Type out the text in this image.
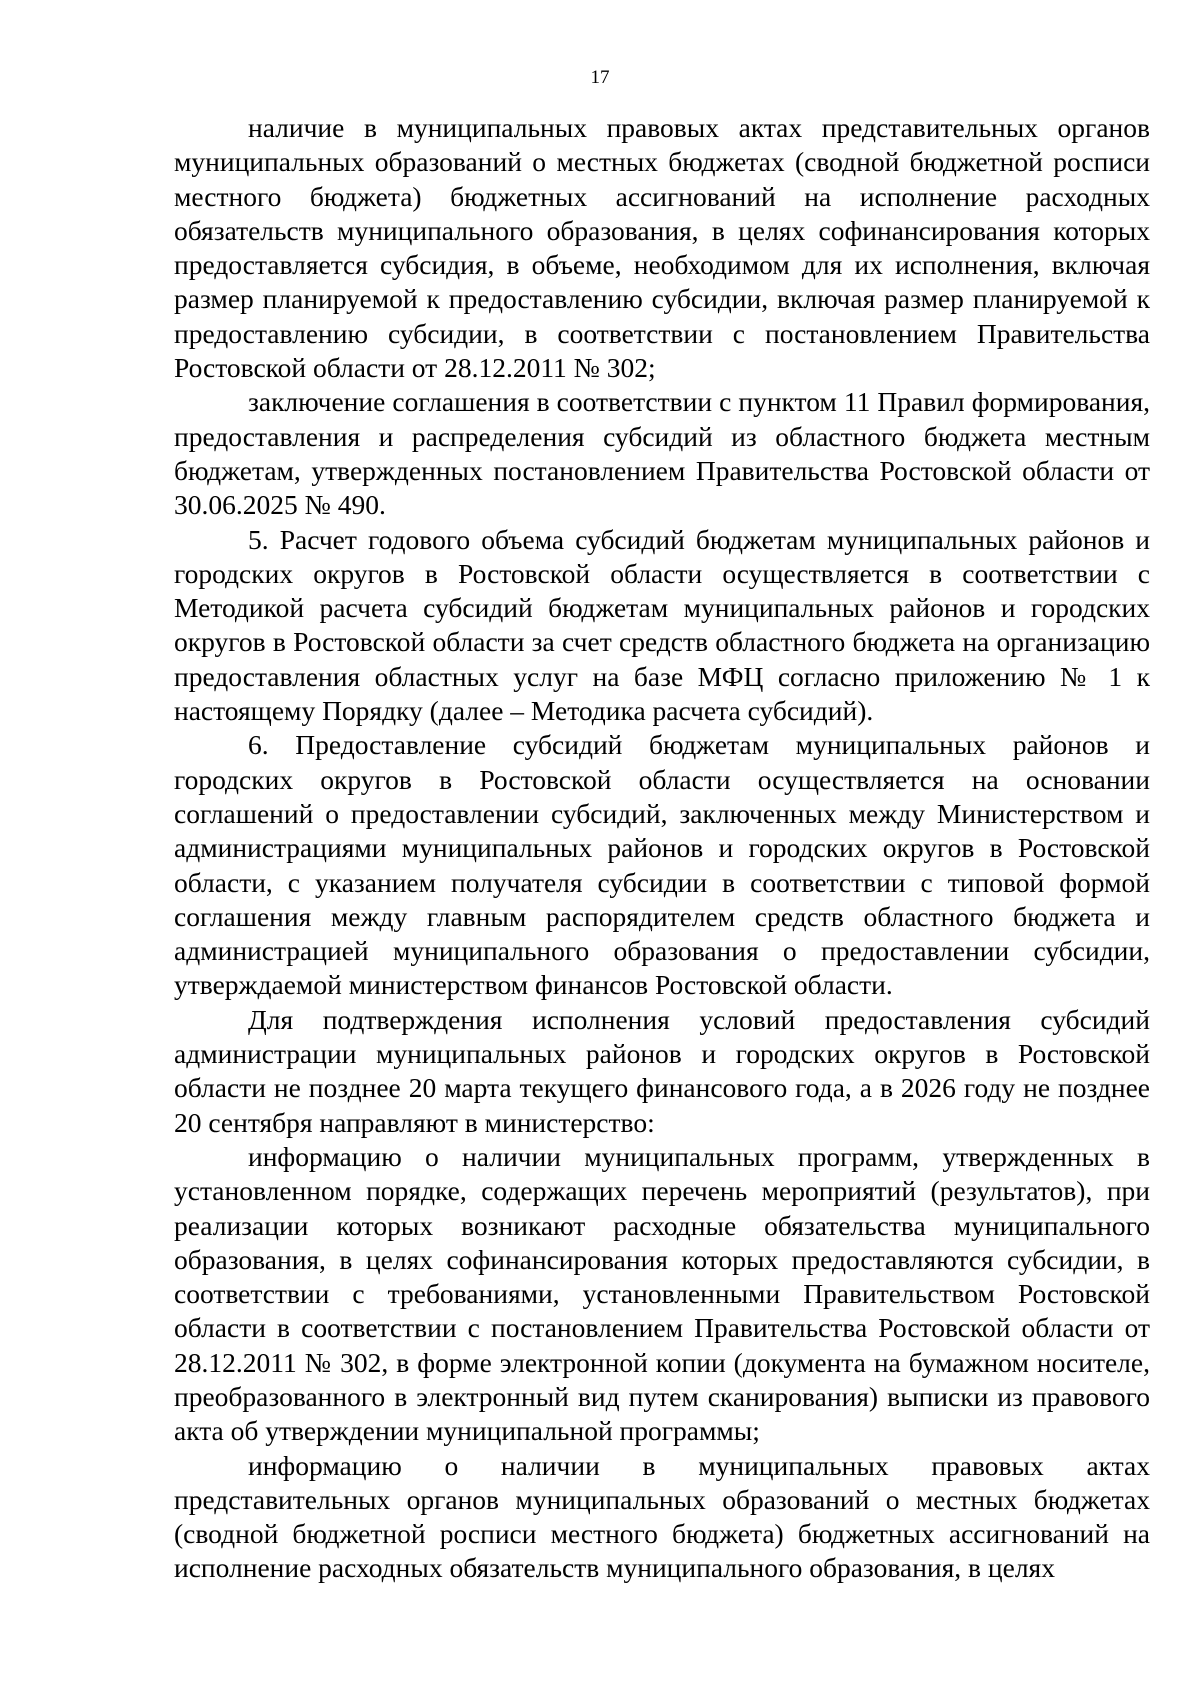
17

наличие в муниципальных правовых актах представительных органов муниципальных образований о местных бюджетах (сводной бюджетной росписи местного бюджета) бюджетных ассигнований на исполнение расходных обязательств муниципального образования, в целях софинансирования которых предоставляется субсидия, в объеме, необходимом для их исполнения, включая размер планируемой к предоставлению субсидии, включая размер планируемой к предоставлению субсидии, в соответствии с постановлением Правительства Ростовской области от 28.12.2011 № 302;

заключение соглашения в соответствии с пунктом 11 Правил формирования, предоставления и распределения субсидий из областного бюджета местным бюджетам, утвержденных постановлением Правительства Ростовской области от 30.06.2025 № 490.

5. Расчет годового объема субсидий бюджетам муниципальных районов и городских округов в Ростовской области осуществляется в соответствии с Методикой расчета субсидий бюджетам муниципальных районов и городских округов в Ростовской области за счет средств областного бюджета на организацию предоставления областных услуг на базе МФЦ согласно приложению № 1 к настоящему Порядку (далее – Методика расчета субсидий).

6. Предоставление субсидий бюджетам муниципальных районов и городских округов в Ростовской области осуществляется на основании соглашений о предоставлении субсидий, заключенных между Министерством и администрациями муниципальных районов и городских округов в Ростовской области, с указанием получателя субсидии в соответствии с типовой формой соглашения между главным распорядителем средств областного бюджета и администрацией муниципального образования о предоставлении субсидии, утверждаемой министерством финансов Ростовской области.

Для подтверждения исполнения условий предоставления субсидий администрации муниципальных районов и городских округов в Ростовской области не позднее 20 марта текущего финансового года, а в 2026 году не позднее 20 сентября направляют в министерство:

информацию о наличии муниципальных программ, утвержденных в установленном порядке, содержащих перечень мероприятий (результатов), при реализации которых возникают расходные обязательства муниципального образования, в целях софинансирования которых предоставляются субсидии, в соответствии с требованиями, установленными Правительством Ростовской области в соответствии с постановлением Правительства Ростовской области от 28.12.2011 № 302, в форме электронной копии (документа на бумажном носителе, преобразованного в электронный вид путем сканирования) выписки из правового акта об утверждении муниципальной программы;

информацию о наличии в муниципальных правовых актах представительных органов муниципальных образований о местных бюджетах (сводной бюджетной росписи местного бюджета) бюджетных ассигнований на исполнение расходных обязательств муниципального образования, в целях
